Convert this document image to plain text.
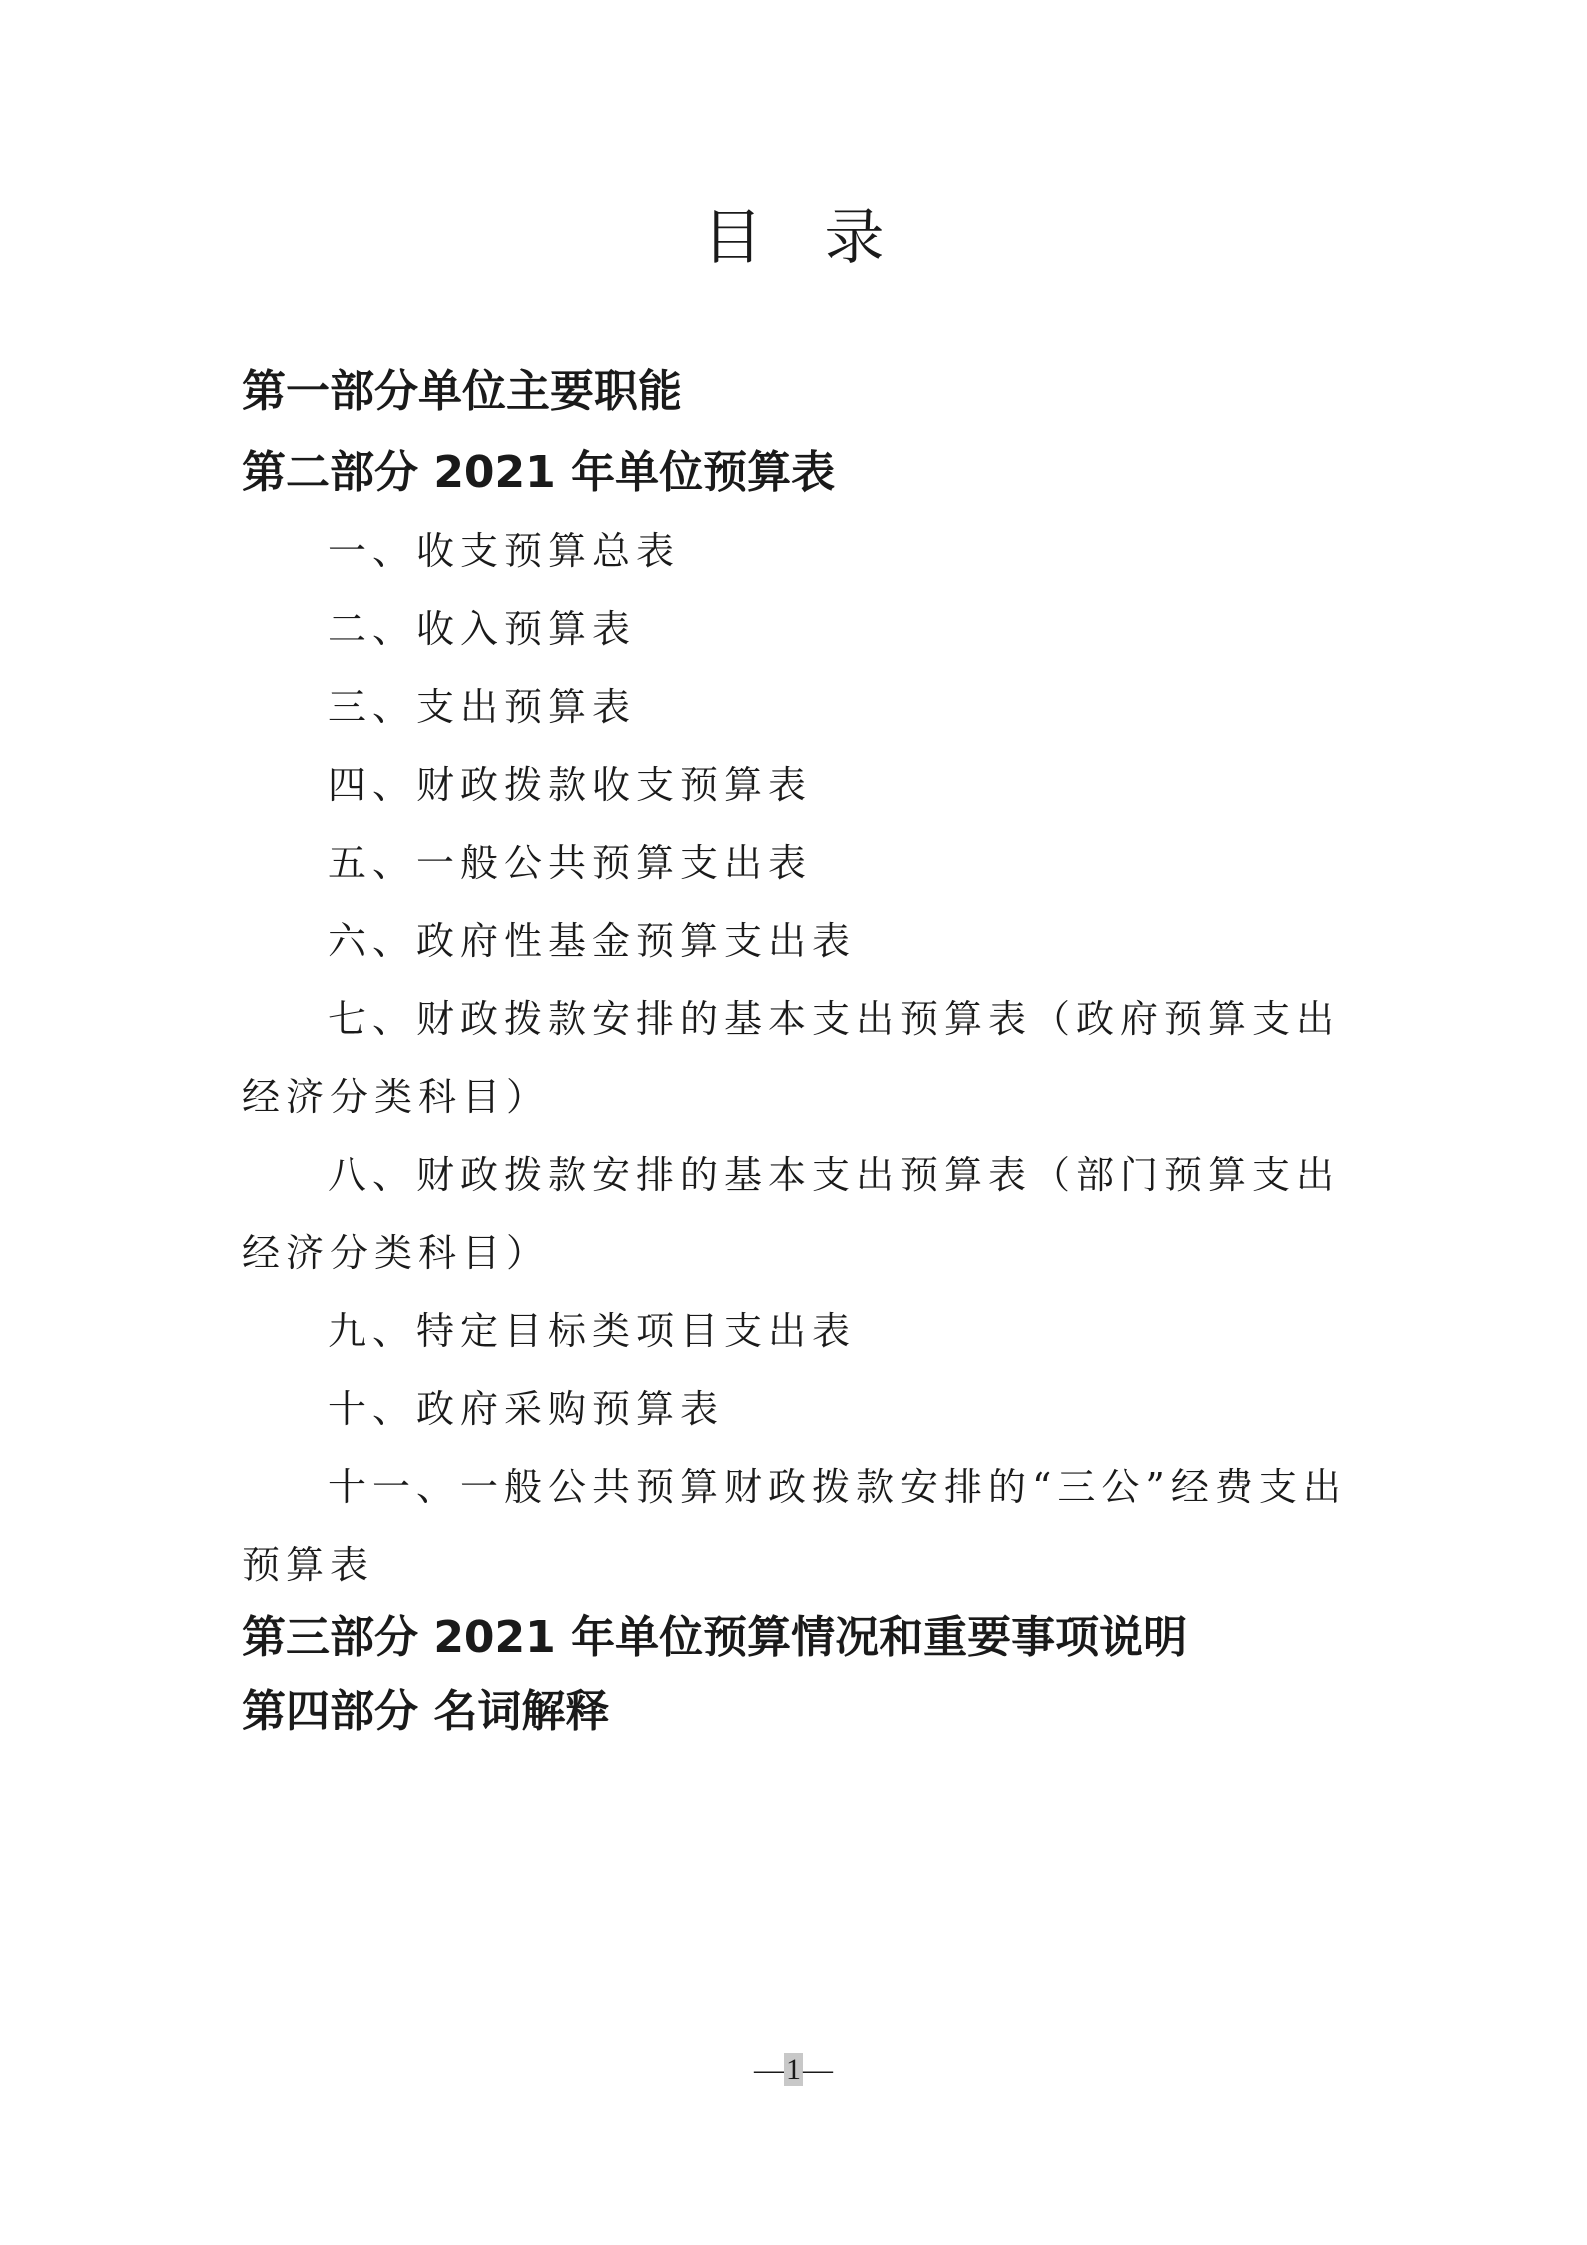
目录
第一部分单位主要职能
第二部分 2021 年单位预算表
一、收支预算总表
二、收入预算表
三、支出预算表
四、财政拨款收支预算表
五、一般公共预算支出表
六、政府性基金预算支出表
七、财政拨款安排的基本支出预算表（政府预算支出经济分类科目）
八、财政拨款安排的基本支出预算表（部门预算支出经济分类科目）
九、特定目标类项目支出表
十、政府采购预算表
十一、一般公共预算财政拨款安排的“三公”经费支出预算表
第三部分 2021 年单位预算情况和重要事项说明
第四部分 名词解释
—1—
